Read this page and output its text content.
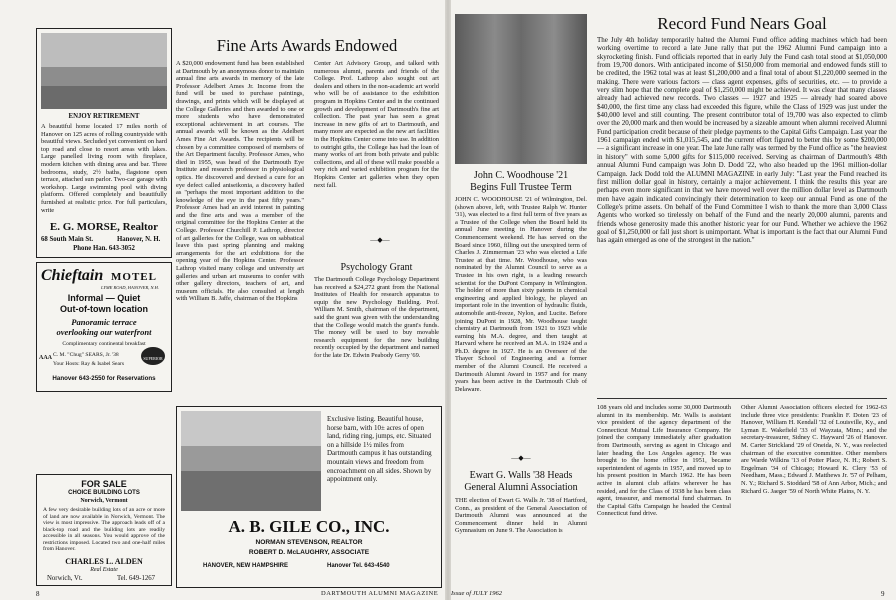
ENJOY RETIREMENT
A beautiful home located 17 miles north of Hanover on 125 acres of rolling countryside with beautiful views. Secluded yet convenient on hard top road and close to resort areas with lakes. Large panelled living room with fireplace, modern kitchen with dining area and bar. Three bedrooms, study, 2½ baths, flagstone open terrace, attached sun parlor. Two-car garage with workshop. Large swimming pool with diving platform. Offered completely and beautifully furnished at realistic price. For full particulars, write
E. G. MORSE, Realtor
68 South Main St.	Hanover, N. H.
Phone Han. 643-3052
Chieftain MOTEL
LYME ROAD, HANOVER, N.H.
Informal — Quiet
Out-of-town location
Panoramic terrace
overlooking our waterfront
Complimentary continental breakfast
AAA C. M. "Chug" SEARS, Jr. '38
Your Hosts: Ray & Isabel Sears
SUPERIOR
Hanover 643-2550 for Reservations
FOR SALE
CHOICE BUILDING LOTS
Norwich, Vermont
A few very desirable building lots of an acre or more of land are now available in Norwich, Vermont. The view is most impressive. The approach leads off of a black-top road and the building lots are readily accessible in all seasons. You would approve of the restrictions imposed. Located two and one-half miles from Hanover.
CHARLES L. ALDEN
Real Estate
Norwich, Vt.	Tel. 649-1267
Fine Arts Awards Endowed
A $20,000 endowment fund has been established at Dartmouth by an anonymous donor to maintain annual fine arts awards in memory of the late Professor Adelbert Ames Jr. Income from the fund will be used to purchase paintings, drawings, and prints which will be displayed at the College Galleries and then awarded to one or more students who have demonstrated exceptional achievement in art courses. The annual awards will be known as the Adelbert Ames Fine Art Awards. The recipients will be chosen by a committee composed of members of the Art Department faculty. Professor Ames, who died in 1955, was head of the Dartmouth Eye Institute and research professor in physiological optics. He discovered and devised a cure for an eye defect called aniseikonia, a discovery hailed as "perhaps the most important addition to the knowledge of the eye in the past fifty years." Professor Ames had an avid interest in painting and the fine arts and was a member of the original committee for the Hopkins Center at the College. Professor Churchill P. Lathrop, director of art galleries for the College, was on sabbatical leave this past spring planning and making arrangements for the art exhibitions for the opening year of the Hopkins Center. Professor Lathrop visited many college and university art galleries and urban art museums to confer with other gallery directors, teachers of art, and museum officials. He also consulted at length with William B. Jaffe, chairman of the Hopkins
Center Art Advisory Group, and talked with numerous alumni, parents and friends of the College. Prof. Lathrop also sought out art dealers and others in the non-academic art world who will be of assistance to the exhibition program in Hopkins Center and in the continued growth and development of Dartmouth's fine art collection. The past year has seen a great increase in new gifts of art to Dartmouth, and many more are expected as the new art facilities in the Hopkins Center come into use. In addition to outright gifts, the College has had the loan of many works of art from both private and public collections, and all of these will make possible a very rich and varied exhibition program for the Hopkins Center art galleries when they open next fall.
—◆—
Psychology Grant
The Dartmouth College Psychology Department has received a $24,272 grant from the National Institutes of Health for research apparatus to equip the new Psychology Building. Prof. William M. Smith, chairman of the department, said the grant was given with the understanding that the College would match the grant's funds. The money will be used to buy movable research equipment for the new building recently occupied by the department and named for the late Dr. Edwin Peabody Gerry '69.
Exclusive listing. Beautiful house, horse barn, with 10± acres of open land, riding ring, jumps, etc. Situated on a hillside 1½ miles from Dartmouth campus it has outstanding mountain views and freedom from encroachment on all sides. Shown by appointment only.
A. B. GILE CO., INC.
NORMAN STEVENSON, REALTOR
ROBERT D. McLAUGHRY, ASSOCIATE
HANOVER, NEW HAMPSHIRE	Hanover Tel. 643-4540
8
John C. Woodhouse '21
Begins Full Trustee Term
JOHN C. WOODHOUSE '21 of Wilmington, Del. (shown above, left, with Trustee Ralph W. Hunter '31), was elected to a first full term of five years as a Trustee of the College when the Board held its annual June meeting in Hanover during the Commencement weekend. He has served on the Board since 1960, filling out the unexpired term of Charles J. Zimmerman '23 who was elected a Life Trustee at that time. Mr. Woodhouse, who was nominated by the Alumni Council to serve as a Trustee in his own right, is a leading research scientist for the DuPont Company in Wilmington. The holder of more than sixty patents in chemical engineering and applied biology, he played an important role in the invention of hydraulic fluids, automobile anti-freeze, Nylon, and Lucite. Before joining DuPont in 1928, Mr. Woodhouse taught chemistry at Dartmouth from 1921 to 1923 while earning his M.A. degree, and then taught at Harvard where he received an M.A. in 1924 and a Ph.D. degree in 1927. He is an Overseer of the Thayer School of Engineering and a former member of the Alumni Council. He received a Dartmouth Alumni Award in 1957 and for many years has been active in the Dartmouth Club of Delaware.
—◆—
Ewart G. Walls '38 Heads
General Alumni Association
THE election of Ewart G. Walls Jr. '38 of Hartford, Conn., as president of the General Association of Dartmouth Alumni was announced at the Commencement dinner held in Alumni Gymnasium on June 9. The Association is
Record Fund Nears Goal
The July 4th holiday temporarily halted the Alumni Fund office adding machines which had been working overtime to record a late June rally that put the 1962 Alumni Fund campaign into a skyrocketing finish. Fund officials reported that in early July the Fund cash total stood at $1,050,000 from 19,700 donors. With anticipated income of $150,000 from memorial and endowed funds still to be credited, the 1962 total was at least $1,200,000 and a final total of about $1,220,000 seemed in the making. There were various factors — class agent expenses, gifts of securities, etc. — to provide a very slim hope that the complete goal of $1,250,000 might be achieved. It was clear that many classes already had achieved new records. Two classes — 1927 and 1925 — already had soared above $40,000, the first time any class had exceeded this figure, while the Class of 1929 was just under the $40,000 level and still counting. The present contributor total of 19,700 was also expected to climb over the 20,000 mark and then would be increased by a sizeable amount when alumni received Alumni Fund participation credit because of their pledge payments to the Capital Gifts Campaign. Last year the 1961 campaign ended with $1,015,545, and the current effort figured to better this by some $200,000 — a significant increase in one year. The late June rally was termed by the Fund office as "the heaviest in history" with some 5,000 gifts for $115,000 received. Serving as chairman of Dartmouth's 48th annual Alumni Fund campaign was John D. Dodd '22, who also headed up the 1961 million-dollar Campaign. Jack Dodd told the ALUMNI MAGAZINE in early July: "Last year the Fund reached its first million dollar goal in history, certainly a major achievement. I think the results this year are perhaps even more significant in that we have moved well over the million dollar level as Dartmouth men have again indicated convincingly their determination to keep our annual Fund as one of the College's prime assets. On behalf of the Fund Committee I wish to thank the more than 3,000 Class Agents who worked so tirelessly on behalf of the Fund and the nearly 20,000 alumni, parents and friends whose generosity made this another historic year for our Fund. Whether we achieve the 1962 goal of $1,250,000 or fall just short is unimportant. What is important is the fact that our Alumni Fund has again emerged as one of the strongest in the nation."
108 years old and includes some 30,000 Dartmouth alumni in its membership. Mr. Walls is assistant vice president of the agency department of the Connecticut Mutual Life Insurance Company. He joined the company immediately after graduation from Dartmouth, serving as agent in Chicago and later heading the Los Angeles agency. He was brought to the home office in 1951, became superintendent of agents in 1957, and moved up to his present position in March 1962. He has been active in alumni club affairs wherever he has resided, and for the Class of 1938 he has been class agent, treasurer, and memorial fund chairman. In the Capital Gifts Campaign he headed the Central Connecticut fund drive.
Other Alumni Association officers elected for 1962-63 include three vice presidents: Franklin F. Doten '23 of Hanover, William H. Kendall '32 of Louisville, Ky., and Lyman E. Wakefield '33 of Wayzata, Minn.; and the secretary-treasurer, Sidney C. Hayward '26 of Hanover. M. Carter Strickland '29 of Oneida, N. Y., was reelected chairman of the executive committee. Other members are Warde Wilkins '13 of Potter Place, N. H.; Robert S. Engelman '34 of Chicago; Howard K. Clery '53 of Needham, Mass.; Edward J. Matthews Jr. '57 of Pelham, N. Y.; Richard S. Stoddard '58 of Ann Arbor, Mich.; and Richard G. Jaeger '59 of North White Plains, N. Y.
DARTMOUTH ALUMNI MAGAZINE Issue of JULY 1962	9
